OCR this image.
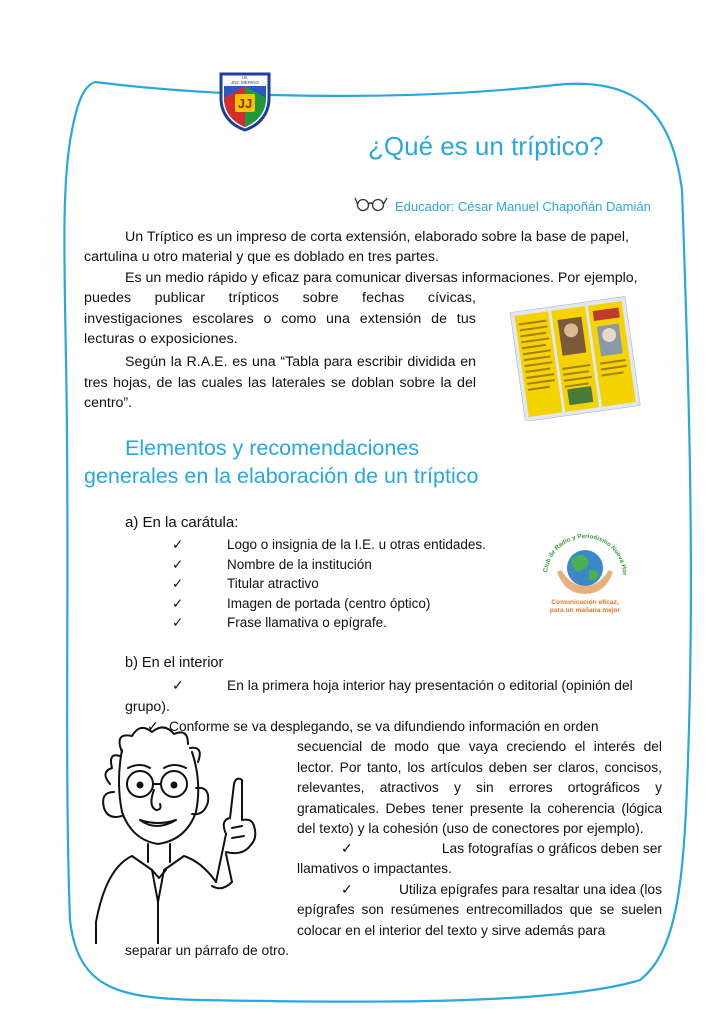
JJ
I.E.
JNC MERINO
¿Qué es un tríptico?
Educador: César Manuel Chapoñán Damián
Un Tríptico es un impreso de corta extensión, elaborado sobre la base de papel,
cartulina u otro material y que es doblado en tres partes.
Es un medio rápido y eficaz para comunicar diversas informaciones. Por ejemplo,
puedes publicar trípticos sobre fechas cívicas, investigaciones escolares o como una extensión de tus lecturas o exposiciones.
Según la R.A.E. es una “Tabla para escribir dividida en tres hojas, de las cuales las laterales se doblan sobre la del centro”.
Elementos y recomendaciones
generales en la elaboración de un tríptico
a) En la carátula:
✓	Logo o insignia de la I.E. u otras entidades.
✓	Nombre de la institución
✓	Titular atractivo
✓	Imagen de portada (centro óptico)
✓	Frase llamativa o epígrafe.
Club de Radio y Periodismo Nueva Hor
Comunicación eficaz,
para un mañana mejor
b) En el interior
✓	En la primera hoja interior hay presentación o editorial (opinión del
grupo).
✓ Conforme se va desplegando, se va difundiendo información en orden
secuencial de modo que vaya creciendo el interés del lector. Por tanto, los artículos deben ser claros, concisos, relevantes, atractivos y sin errores ortográficos y gramaticales. Debes tener presente la coherencia (lógica del texto) y la cohesión (uso de conectores por ejemplo).
✓	Las fotografías o gráficos deben ser
llamativos o impactantes.
✓	Utiliza epígrafes para resaltar una idea (los
epígrafes son resúmenes entrecomillados que se suelen colocar en el interior del texto y sirve además para
separar un párrafo de otro.
